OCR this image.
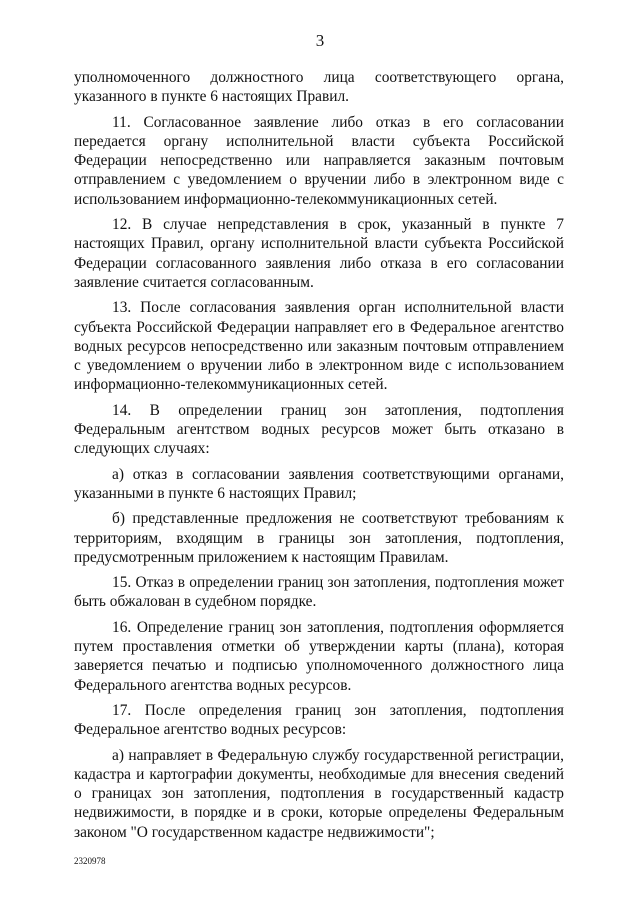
3

уполномоченного должностного лица соответствующего органа, указанного в пункте 6 настоящих Правил.

11. Согласованное заявление либо отказ в его согласовании передается органу исполнительной власти субъекта Российской Федерации непосредственно или направляется заказным почтовым отправлением с уведомлением о вручении либо в электронном виде с использованием информационно-телекоммуникационных сетей.

12. В случае непредставления в срок, указанный в пункте 7 настоящих Правил, органу исполнительной власти субъекта Российской Федерации согласованного заявления либо отказа в его согласовании заявление считается согласованным.

13. После согласования заявления орган исполнительной власти субъекта Российской Федерации направляет его в Федеральное агентство водных ресурсов непосредственно или заказным почтовым отправлением с уведомлением о вручении либо в электронном виде с использованием информационно-телекоммуникационных сетей.

14. В определении границ зон затопления, подтопления Федеральным агентством водных ресурсов может быть отказано в следующих случаях:

а) отказ в согласовании заявления соответствующими органами, указанными в пункте 6 настоящих Правил;

б) представленные предложения не соответствуют требованиям к территориям, входящим в границы зон затопления, подтопления, предусмотренным приложением к настоящим Правилам.

15. Отказ в определении границ зон затопления, подтопления может быть обжалован в судебном порядке.

16. Определение границ зон затопления, подтопления оформляется путем проставления отметки об утверждении карты (плана), которая заверяется печатью и подписью уполномоченного должностного лица Федерального агентства водных ресурсов.

17. После определения границ зон затопления, подтопления Федеральное агентство водных ресурсов:

а) направляет в Федеральную службу государственной регистрации, кадастра и картографии документы, необходимые для внесения сведений о границах зон затопления, подтопления в государственный кадастр недвижимости, в порядке и в сроки, которые определены Федеральным законом "О государственном кадастре недвижимости";

2320978
